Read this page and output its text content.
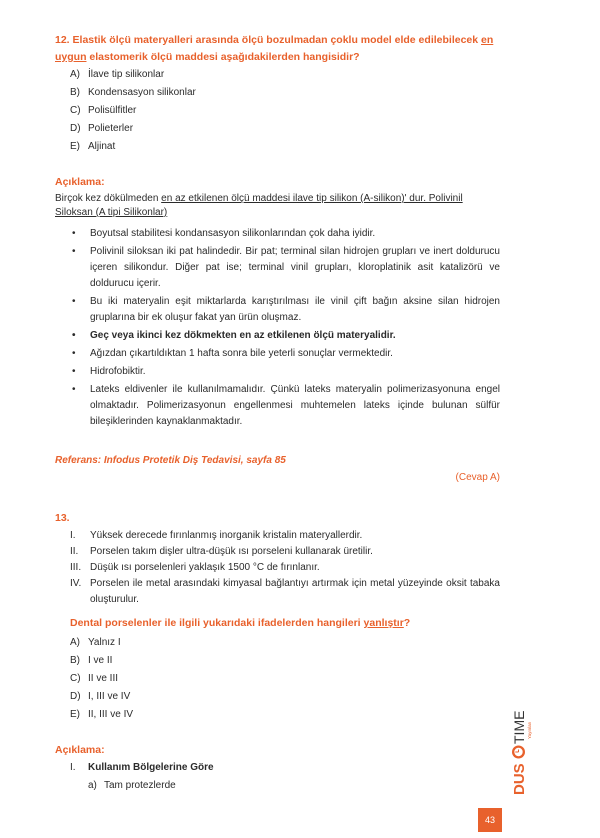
12. Elastik ölçü materyalleri arasında ölçü bozulmadan çoklu model elde edilebilecek en uygun elastomerik ölçü maddesi aşağıdakilerden hangisidir?
A) İlave tip silikonlar
B) Kondensasyon silikonlar
C) Polisülfitler
D) Polieterler
E) Aljinat
Açıklama:
Birçok kez dökülmeden en az etkilenen ölçü maddesi ilave tip silikon (A-silikon)' dur. Polivinil Siloksan (A tipi Silikonlar)
• Boyutsal stabilitesi kondansasyon silikonlarından çok daha iyidir.
• Polivinil siloksan iki pat halindedir. Bir pat; terminal silan hidrojen grupları ve inert doldurucu içeren silikondur. Diğer pat ise; terminal vinil grupları, kloroplatinik asit katalizörü ve doldurucu içerir.
• Bu iki materyalin eşit miktarlarda karıştırılması ile vinil çift bağın aksine silan hidrojen gruplarına bir ek oluşur fakat yan ürün oluşmaz.
• Geç veya ikinci kez dökmekten en az etkilenen ölçü materyalidir.
• Ağızdan çıkartıldıktan 1 hafta sonra bile yeterli sonuçlar vermektedir.
• Hidrofobiktir.
• Lateks eldivenler ile kullanılmamalıdır. Çünkü lateks materyalin polimerizasyonuna engel olmaktadır. Polimerizasyonun engellenmesi muhtemelen lateks içinde bulunan sülfür bileşiklerinden kaynaklanmaktadır.
Referans: Infodus Protetik Diş Tedavisi, sayfa 85
(Cevap A)
13.
I. Yüksek derecede fırınlanmış inorganik kristalin materyallerdir.
II. Porselen takım dişler ultra-düşük ısı porseleni kullanarak üretilir.
III. Düşük ısı porselenleri yaklaşık 1500 °C de fırınlanır.
IV. Porselen ile metal arasındaki kimyasal bağlantıyı artırmak için metal yüzeyinde oksit tabaka oluşturulur.
Dental porselenler ile ilgili yukarıdaki ifadelerden hangileri yanlıştır?
A) Yalnız I
B) I ve II
C) II ve III
D) I, III ve IV
E) II, III ve IV
Açıklama:
I. Kullanım Bölgelerine Göre
a) Tam protezlerde	DUS
TIME Yayınları
43
